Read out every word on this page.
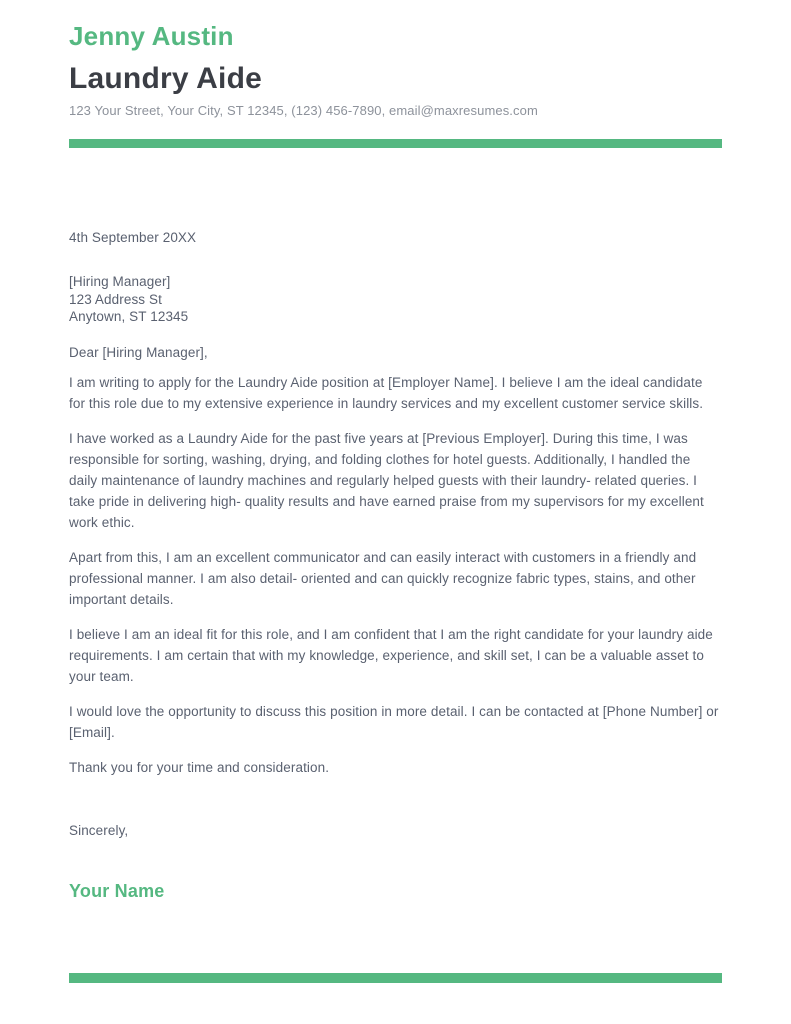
Jenny Austin
Laundry Aide

123 Your Street, Your City, ST 12345, (123) 456-7890, email@maxresumes.com

4th September 20XX

[Hiring Manager]
123 Address St
Anytown, ST 12345

Dear [Hiring Manager],

I am writing to apply for the Laundry Aide position at [Employer Name]. I believe I am the ideal candidate for this role due to my extensive experience in laundry services and my excellent customer service skills.

I have worked as a Laundry Aide for the past five years at [Previous Employer]. During this time, I was responsible for sorting, washing, drying, and folding clothes for hotel guests. Additionally, I handled the daily maintenance of laundry machines and regularly helped guests with their laundry- related queries. I take pride in delivering high- quality results and have earned praise from my supervisors for my excellent work ethic.

Apart from this, I am an excellent communicator and can easily interact with customers in a friendly and professional manner. I am also detail- oriented and can quickly recognize fabric types, stains, and other important details.

I believe I am an ideal fit for this role, and I am confident that I am the right candidate for your laundry aide requirements. I am certain that with my knowledge, experience, and skill set, I can be a valuable asset to your team.

I would love the opportunity to discuss this position in more detail. I can be contacted at [Phone Number] or [Email].

Thank you for your time and consideration.

Sincerely,

Your Name
